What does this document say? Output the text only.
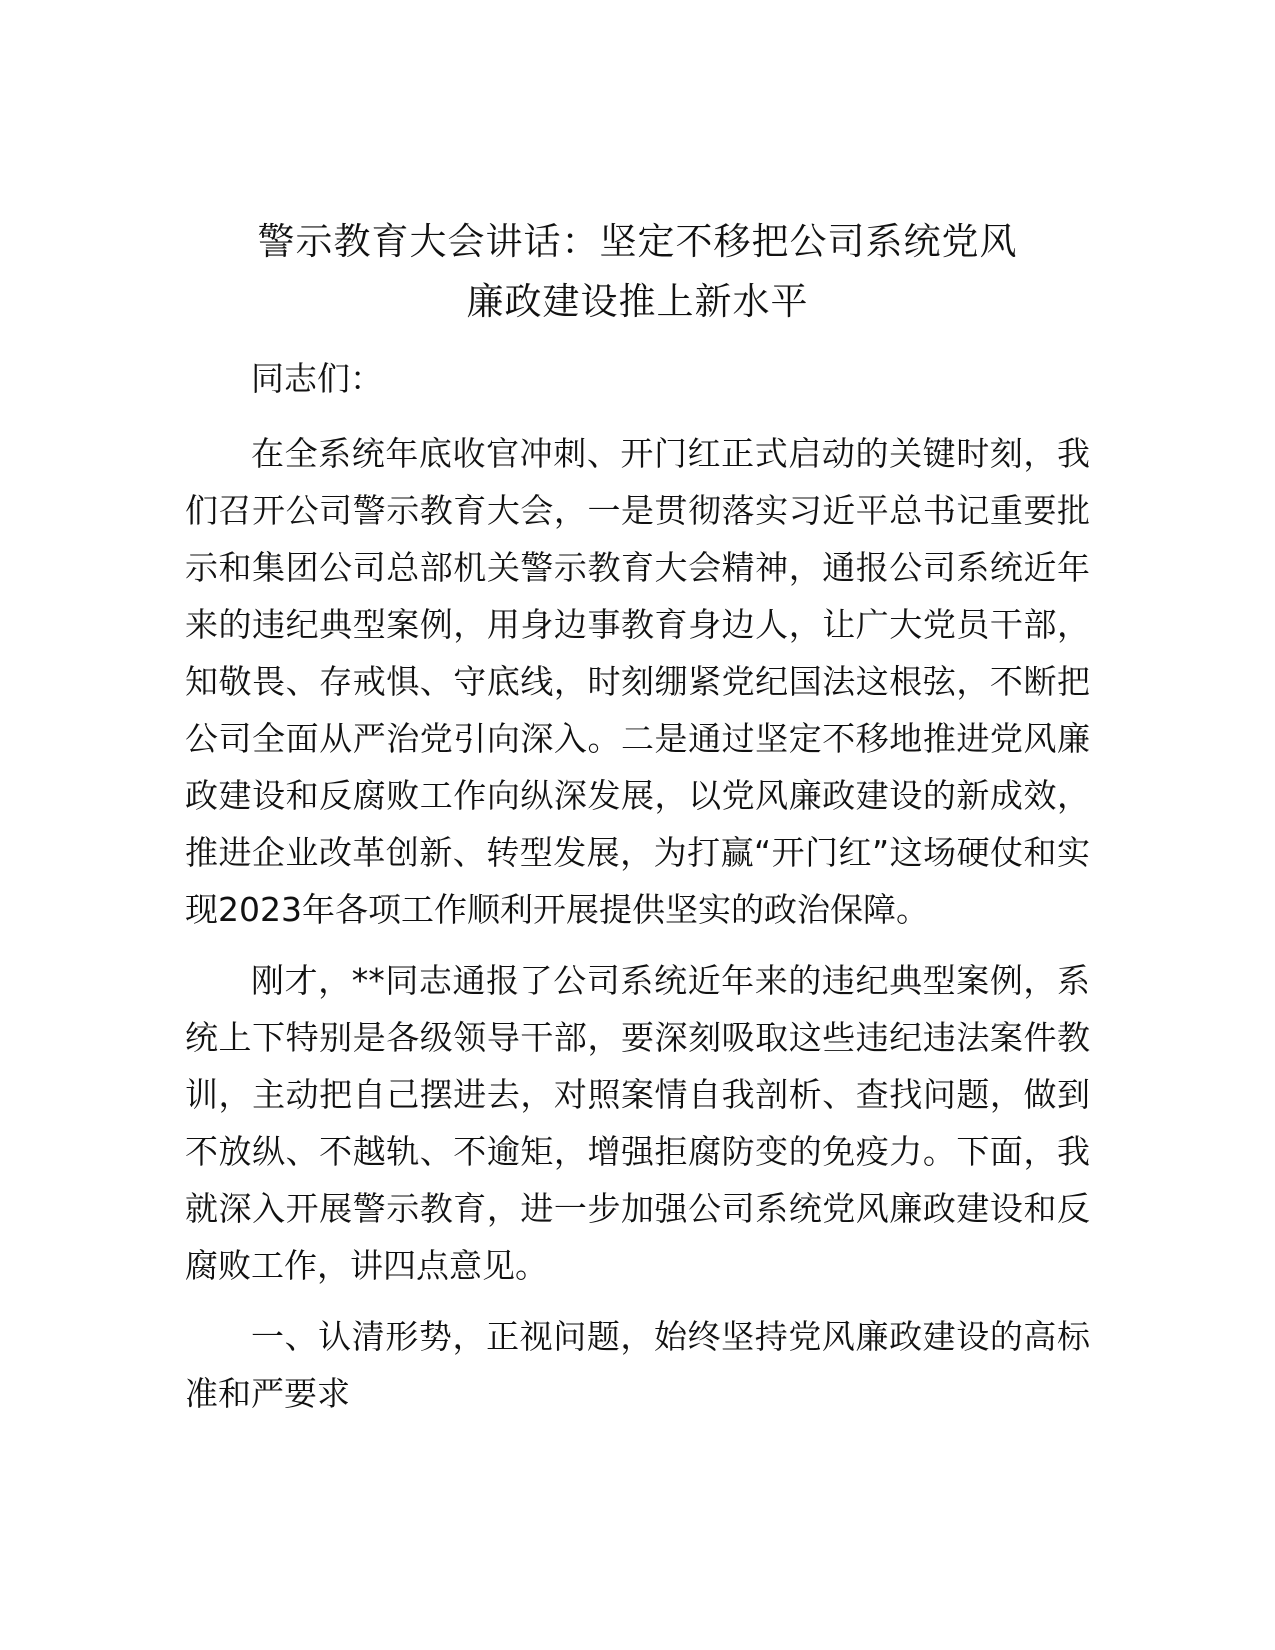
警示教育大会讲话：坚定不移把公司系统党风
廉政建设推上新水平

同志们：

在全系统年底收官冲刺、开门红正式启动的关键时刻，我们召开公司警示教育大会，一是贯彻落实习近平总书记重要批示和集团公司总部机关警示教育大会精神，通报公司系统近年来的违纪典型案例，用身边事教育身边人，让广大党员干部，知敬畏、存戒惧、守底线，时刻绷紧党纪国法这根弦，不断把公司全面从严治党引向深入。二是通过坚定不移地推进党风廉政建设和反腐败工作向纵深发展，以党风廉政建设的新成效，推进企业改革创新、转型发展，为打赢“开门红”这场硬仗和实现2023年各项工作顺利开展提供坚实的政治保障。

刚才，**同志通报了公司系统近年来的违纪典型案例，系统上下特别是各级领导干部，要深刻吸取这些违纪违法案件教训，主动把自己摆进去，对照案情自我剖析、查找问题，做到不放纵、不越轨、不逾矩，增强拒腐防变的免疫力。下面，我就深入开展警示教育，进一步加强公司系统党风廉政建设和反腐败工作，讲四点意见。

一、认清形势，正视问题，始终坚持党风廉政建设的高标准和严要求
